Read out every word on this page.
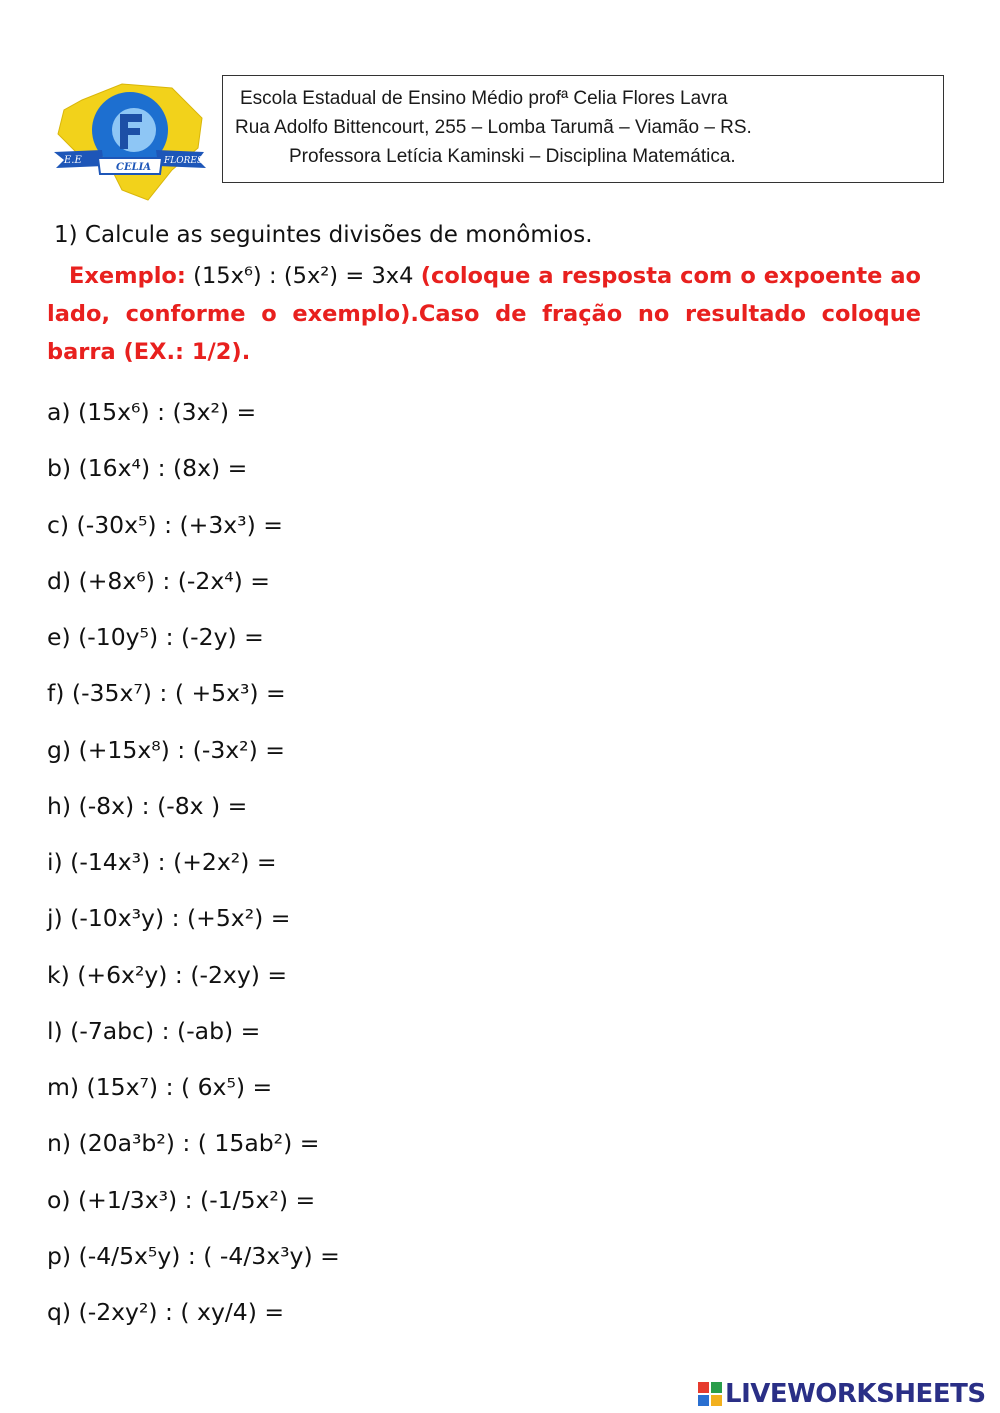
E.E
CELIA
FLORES
Escola Estadual de Ensino Médio profª Celia Flores Lavra
Rua Adolfo Bittencourt, 255 – Lomba Tarumã – Viamão – RS.
Professora Letícia Kaminski – Disciplina Matemática.
1) Calcule as seguintes divisões de monômios.
Exemplo: (15x⁶) : (5x²) = 3x4 (coloque a resposta com o expoente ao lado, conforme o exemplo).Caso de fração no resultado coloque barra (EX.: 1/2).
a) (15x⁶) : (3x²) =
b) (16x⁴) : (8x) =
c) (-30x⁵) : (+3x³) =
d) (+8x⁶) : (-2x⁴) =
e) (-10y⁵) : (-2y) =
f) (-35x⁷) : ( +5x³) =
g) (+15x⁸) : (-3x²) =
h) (-8x) : (-8x ) =
i) (-14x³) : (+2x²) =
j) (-10x³y) : (+5x²) =
k) (+6x²y) : (-2xy) =
l) (-7abc) : (-ab) =
m) (15x⁷) : ( 6x⁵) =
n) (20a³b²) : ( 15ab²) =
o) (+1/3x³) : (-1/5x²) =
p) (-4/5x⁵y) : ( -4/3x³y) =
q) (-2xy²) : ( xy/4) =
LIVEWORKSHEETS
